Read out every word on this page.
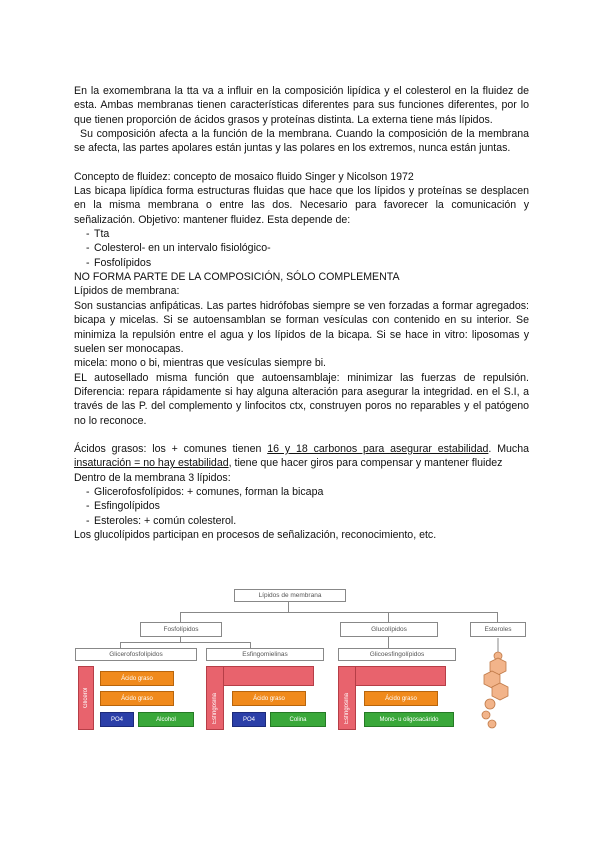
En la exomembrana la tta va a influir en la composición lipídica y el colesterol en la fluidez de esta. Ambas membranas tienen características diferentes para sus funciones diferentes, por lo que tienen proporción de ácidos grasos y proteínas distinta. La externa tiene más lípidos.

Su composición afecta a la función de la membrana. Cuando la composición de la membrana se afecta, las partes apolares están juntas y las polares en los extremos, nunca están juntas.

Concepto de fluidez: concepto de mosaico fluido Singer y Nicolson 1972

Las bicapa lipídica forma estructuras fluidas que hace que los lípidos y proteínas se desplacen en la misma membrana o entre las dos. Necesario para favorecer la comunicación y señalización. Objetivo: mantener fluidez. Esta depende de:

- Tta
- Colesterol- en un intervalo fisiológico-
- Fosfolípidos

NO FORMA PARTE DE LA COMPOSICIÓN, SÓLO COMPLEMENTA

Lípidos de membrana:

Son sustancias anfipáticas. Las partes hidrófobas siempre se ven forzadas a formar agregados: bicapa y micelas. Si se autoensamblan se forman vesículas con contenido en su interior. Se minimiza la repulsión entre el agua y los lípidos de la bicapa. Si se hace in vitro: liposomas y suelen ser monocapas.

micela: mono o bi, mientras que vesículas siempre bi.

EL autosellado misma función que autoensamblaje: minimizar las fuerzas de repulsión. Diferencia: repara rápidamente si hay alguna alteración para asegurar la integridad. en el S.I, a través de las P. del complemento y linfocitos ctx, construyen poros no reparables y el patógeno no lo reconoce.

Ácidos grasos: los + comunes tienen 16 y 18 carbonos para asegurar estabilidad. Mucha insaturación = no hay estabilidad, tiene que hacer giros para compensar y mantener fluidez

Dentro de la membrana 3 lípidos:

- Glicerofosfolípidos: + comunes, forman la bicapa
- Esfingolípidos
- Esteroles: + común colesterol.

Los glucolípidos participan en procesos de señalización, reconocimiento, etc.

Lípidos de membrana
Fosfolípidos	Glucolípidos	Esteroles
Glicerofosfolípidos	Esfingomielinas	Glicoesfingolípidos
Glicerol
Ácido graso
Ácido graso
PO4	Alcohol	Esfingosina	Ácido graso
PO4	Colina	Esfingosina	Ácido graso
Mono- u oligosacárido
